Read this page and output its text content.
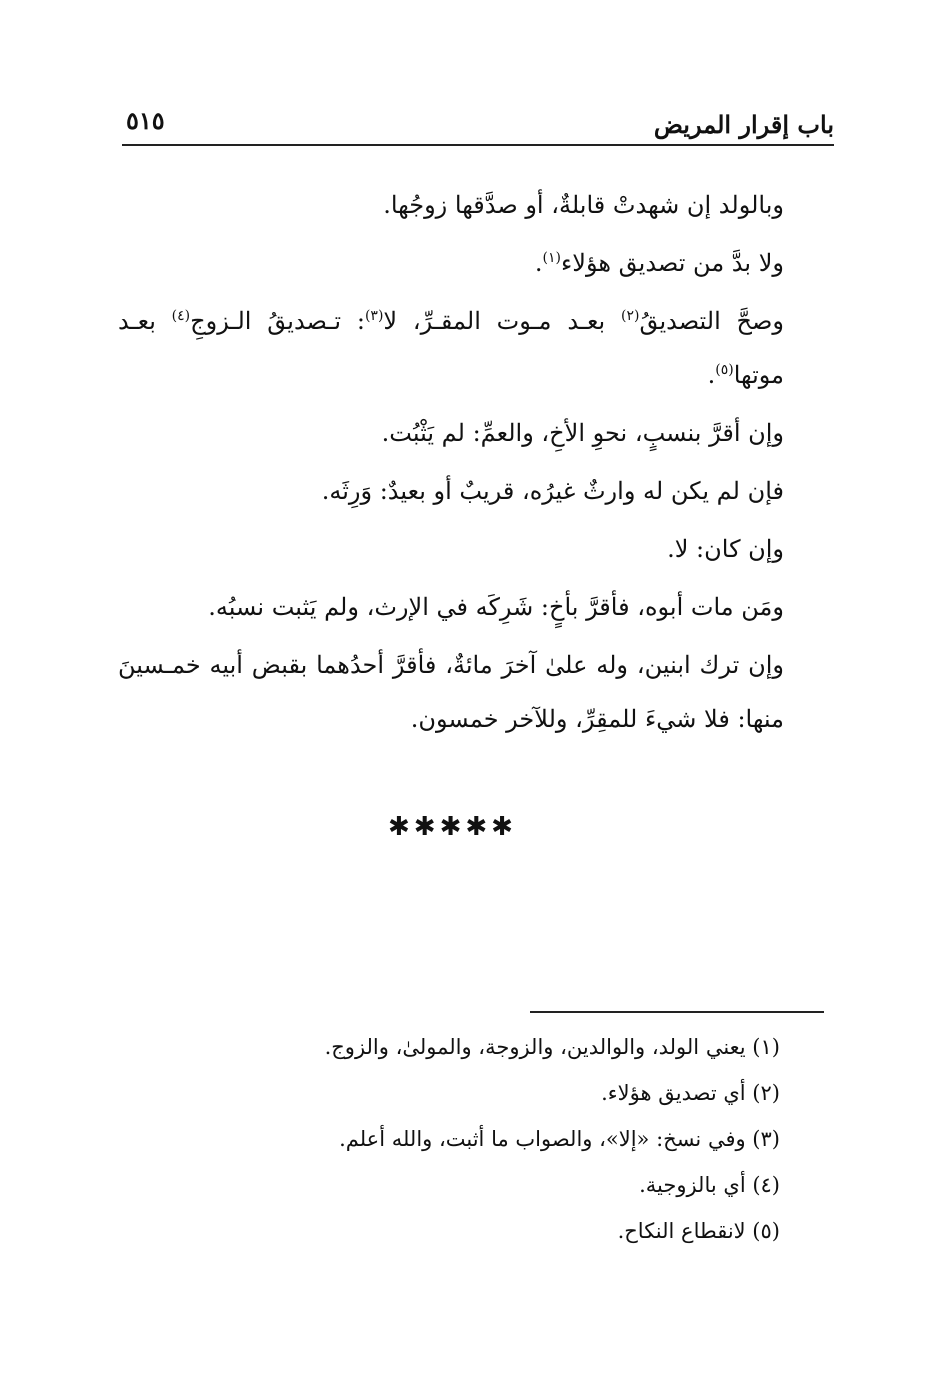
باب إقرار المريض
٥١٥

وبالولد إن شهدتْ قابلةٌ، أو صدَّقها زوجُها.

ولا بدَّ من تصديق هؤلاء$^{(١)}$.

وصحَّ التصديقُ$^{(٢)}$ بعـد مـوت المقـرِّ، لا$^{(٣)}$: تـصديقُ الـزوجِ$^{(٤)}$ بعـد موتها$^{(٥)}$.

وإن أقرَّ بنسبٍ، نحوِ الأخِ، والعمِّ: لم يَثْبُت.

فإن لم يكن له وارثٌ غيرُه، قريبٌ أو بعيدٌ: وَرِثَه.

وإن كان: لا.

ومَن مات أبوه، فأقرَّ بأخٍ: شَرِكَه في الإرث، ولم يَثبت نسبُه.

وإن ترك ابنين، وله علىٰ آخرَ مائةٌ، فأقرَّ أحدُهما بقبض أبيه خمـسينَ منها: فلا شيءَ للمقِرِّ، وللآخر خمسون.

✱✱✱✱✱

(١) يعني الولد، والوالدين، والزوجة، والمولىٰ، والزوج.

(٢) أي تصديق هؤلاء.

(٣) وفي نسخ: «إلا»، والصواب ما أثبت، والله أعلم.

(٤) أي بالزوجية.

(٥) لانقطاع النكاح.
